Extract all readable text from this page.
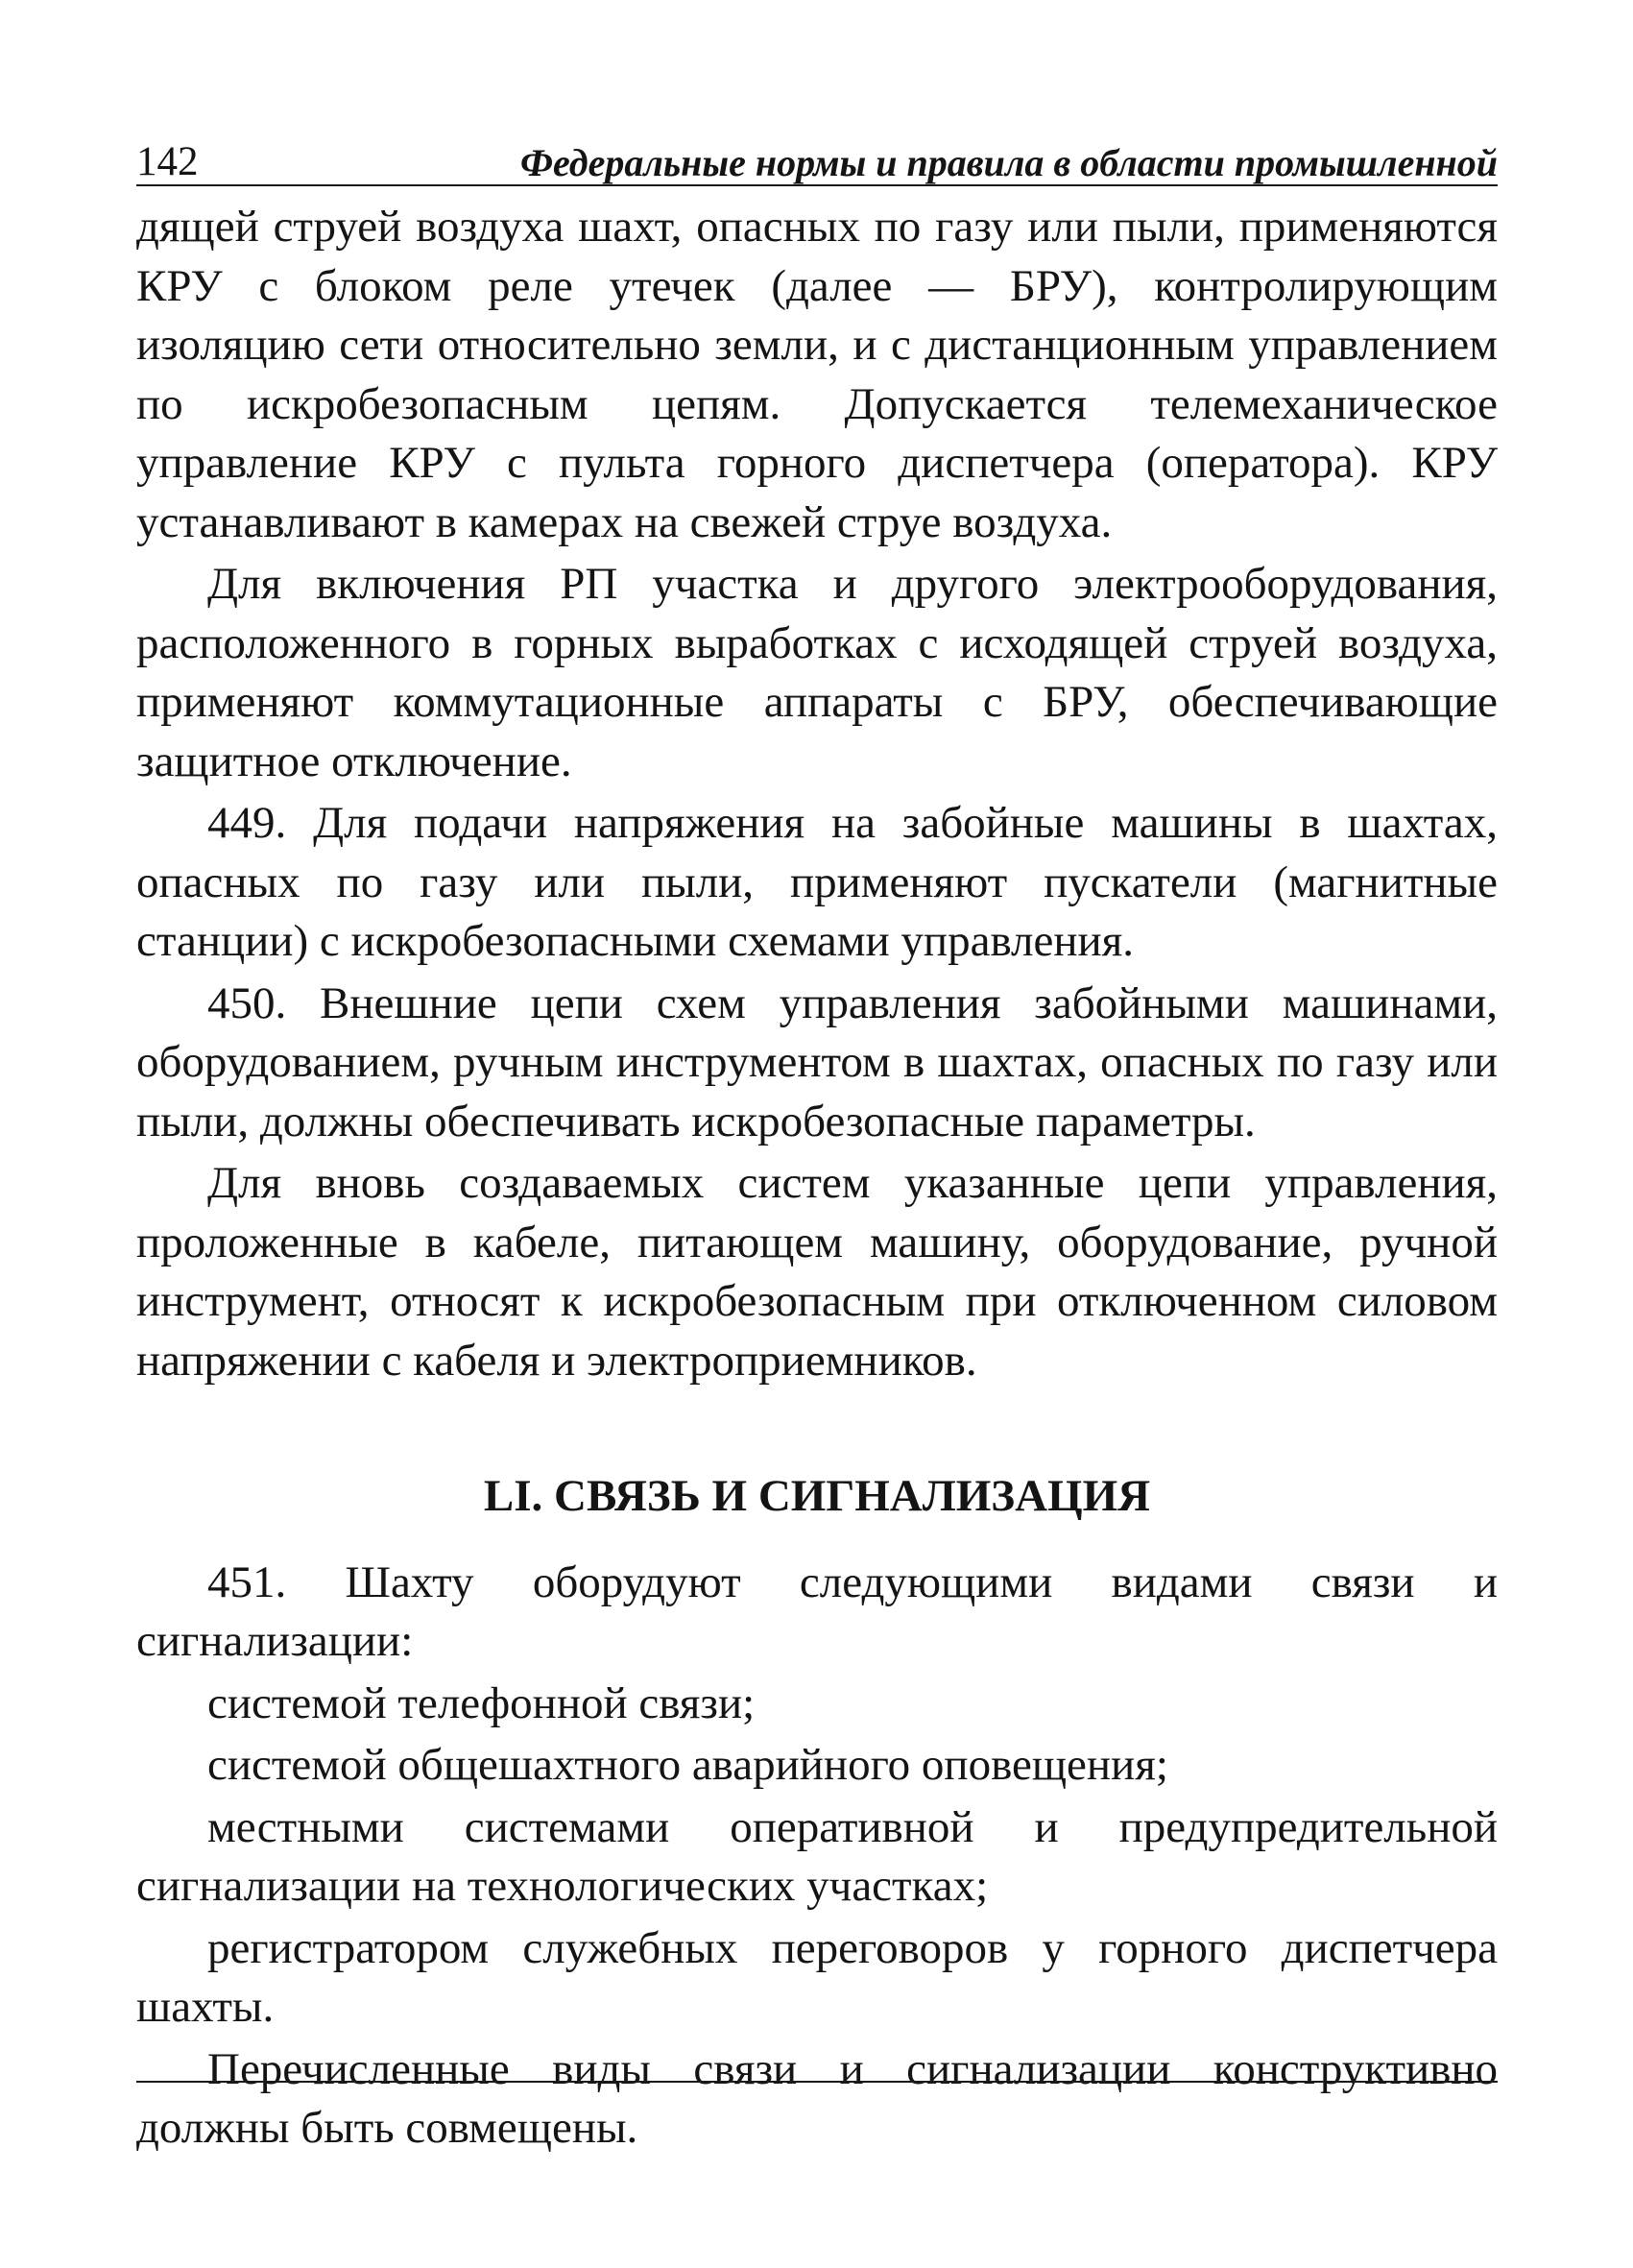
142	Федеральные нормы и правила в области промышленной

дящей струей воздуха шахт, опасных по газу или пыли, применяются КРУ с блоком реле утечек (далее — БРУ), контролирующим изоляцию сети относительно земли, и с дистанционным управлением по искробезопасным цепям. Допускается телемеханическое управление КРУ с пульта горного диспетчера (оператора). КРУ устанавливают в камерах на свежей струе воздуха.

Для включения РП участка и другого электрооборудования, расположенного в горных выработках с исходящей струей воздуха, применяют коммутационные аппараты с БРУ, обеспечивающие защитное отключение.

449. Для подачи напряжения на забойные машины в шахтах, опасных по газу или пыли, применяют пускатели (магнитные станции) с искробезопасными схемами управления.

450. Внешние цепи схем управления забойными машинами, оборудованием, ручным инструментом в шахтах, опасных по газу или пыли, должны обеспечивать искробезопасные параметры.

Для вновь создаваемых систем указанные цепи управления, проложенные в кабеле, питающем машину, оборудование, ручной инструмент, относят к искробезопасным при отключенном силовом напряжении с кабеля и электроприемников.

LI. СВЯЗЬ И СИГНАЛИЗАЦИЯ

451. Шахту оборудуют следующими видами связи и сигнализации:

системой телефонной связи;

системой общешахтного аварийного оповещения;

местными системами оперативной и предупредительной сигнализации на технологических участках;

регистратором служебных переговоров у горного диспетчера шахты.

Перечисленные виды связи и сигнализации конструктивно должны быть совмещены.
